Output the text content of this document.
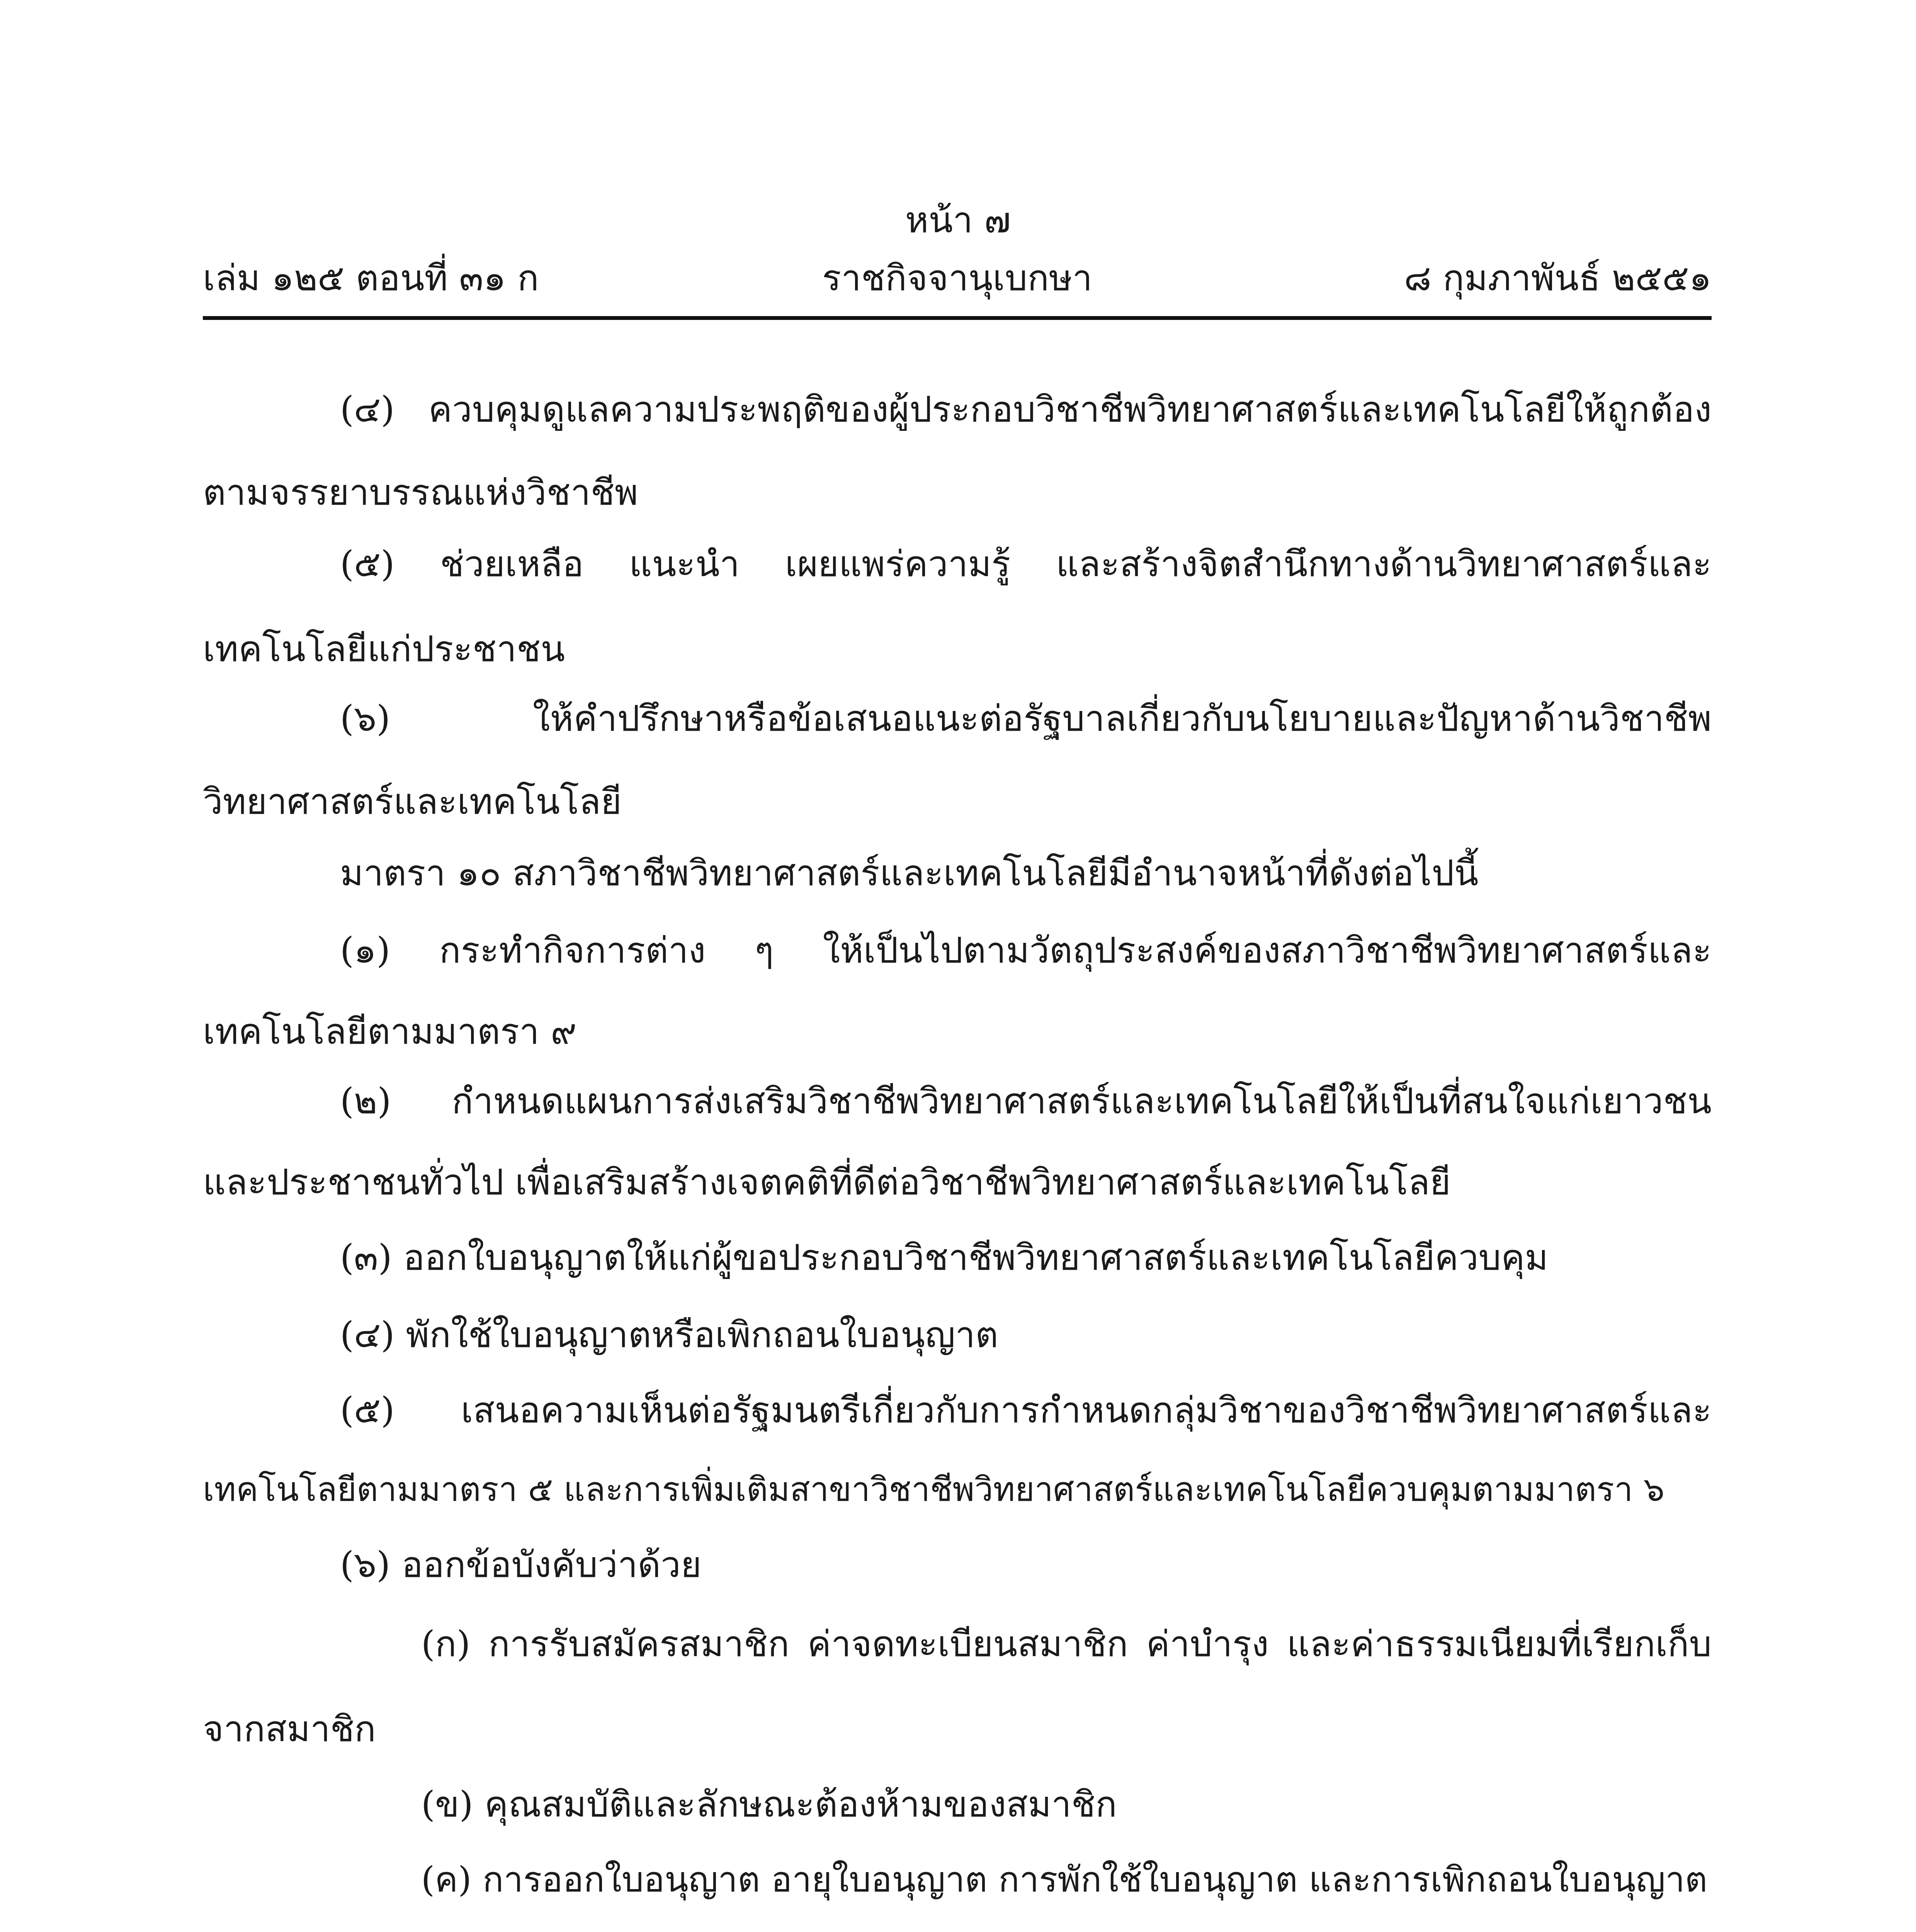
หน้า ๗
เล่ม ๑๒๕ ตอนที่ ๓๑ ก	ราชกิจจานุเบกษา	๘ กุมภาพันธ์ ๒๕๕๑
(๔) ควบคุมดูแลความประพฤติของผู้ประกอบวิชาชีพวิทยาศาสตร์และเทคโนโลยีให้ถูกต้อง
ตามจรรยาบรรณแห่งวิชาชีพ
(๕) ช่วยเหลือ แนะนำ เผยแพร่ความรู้ และสร้างจิตสำนึกทางด้านวิทยาศาสตร์และ
เทคโนโลยีแก่ประชาชน
(๖) ให้คำปรึกษาหรือข้อเสนอแนะต่อรัฐบาลเกี่ยวกับนโยบายและปัญหาด้านวิชาชีพ
วิทยาศาสตร์และเทคโนโลยี
มาตรา ๑๐ สภาวิชาชีพวิทยาศาสตร์และเทคโนโลยีมีอำนาจหน้าที่ดังต่อไปนี้
(๑) กระทำกิจการต่าง ๆ ให้เป็นไปตามวัตถุประสงค์ของสภาวิชาชีพวิทยาศาสตร์และ
เทคโนโลยีตามมาตรา ๙
(๒) กำหนดแผนการส่งเสริมวิชาชีพวิทยาศาสตร์และเทคโนโลยีให้เป็นที่สนใจแก่เยาวชน
และประชาชนทั่วไป เพื่อเสริมสร้างเจตคติที่ดีต่อวิชาชีพวิทยาศาสตร์และเทคโนโลยี
(๓) ออกใบอนุญาตให้แก่ผู้ขอประกอบวิชาชีพวิทยาศาสตร์และเทคโนโลยีควบคุม
(๔) พักใช้ใบอนุญาตหรือเพิกถอนใบอนุญาต
(๕) เสนอความเห็นต่อรัฐมนตรีเกี่ยวกับการกำหนดกลุ่มวิชาของวิชาชีพวิทยาศาสตร์และ
เทคโนโลยีตามมาตรา ๕ และการเพิ่มเติมสาขาวิชาชีพวิทยาศาสตร์และเทคโนโลยีควบคุมตามมาตรา ๖
(๖) ออกข้อบังคับว่าด้วย
(ก) การรับสมัครสมาชิก ค่าจดทะเบียนสมาชิก ค่าบำรุง และค่าธรรมเนียมที่เรียกเก็บ
จากสมาชิก
(ข) คุณสมบัติและลักษณะต้องห้ามของสมาชิก
(ค) การออกใบอนุญาต อายุใบอนุญาต การพักใช้ใบอนุญาต และการเพิกถอนใบอนุญาต
